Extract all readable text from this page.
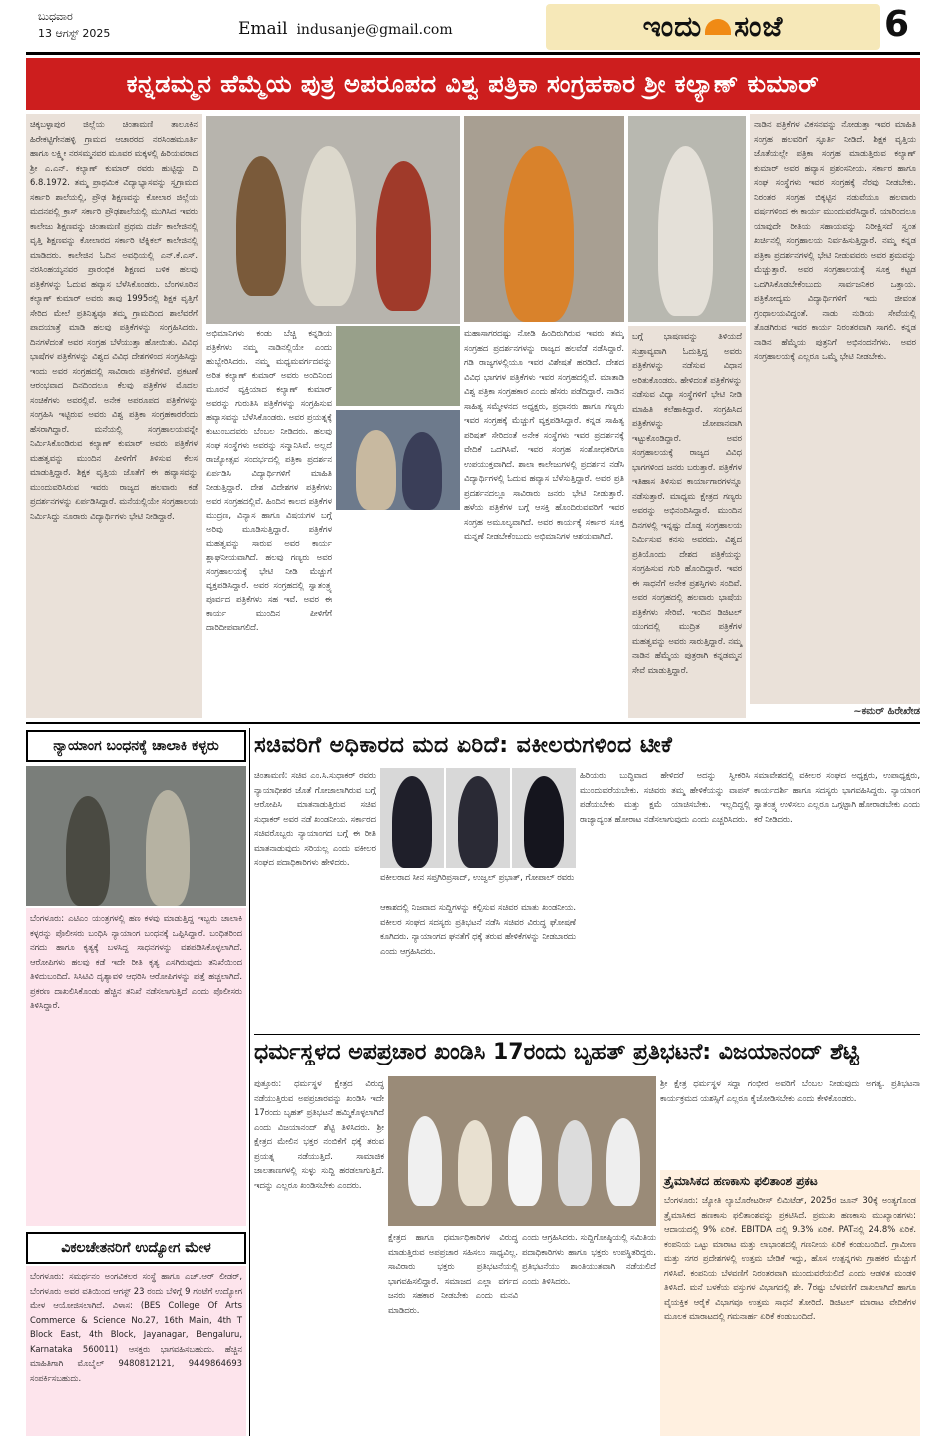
ಬುಧವಾರ
13 ಆಗಸ್ಟ್ 2025	Email indusanje@gmail.com	ಇಂದು ಸಂಜೆ	6
ಕನ್ನಡಮ್ಮನ ಹೆಮ್ಮೆಯ ಪುತ್ರ ಅಪರೂಪದ ವಿಶ್ವ ಪತ್ರಿಕಾ ಸಂಗ್ರಹಕಾರ ಶ್ರೀ ಕಲ್ಯಾಣ್ ಕುಮಾರ್
ಚಿಕ್ಕಬಳ್ಳಾಪುರ ಜಿಲ್ಲೆಯ ಚಿಂತಾಮಣಿ ತಾಲೂಕಿನ ಹಿರೇಕಟ್ಟಿಗೇನಹಳ್ಳಿ ಗ್ರಾಮದ ಆಚಾರರದ ನರಸಿಂಹಮೂರ್ತಿ ಹಾಗೂ ಲಕ್ಷ್ಮೀ ನರಸಮ್ಮನವರ ಮೂವರ ಮಕ್ಕಳಲ್ಲಿ ಹಿರಿಯವರಾದ ಶ್ರೀ ಎ.ಎನ್. ಕಲ್ಯಾಣ್ ಕುಮಾರ್ ರವರು ಹುಟ್ಟಿದ್ದು ದಿ 6.8.1972. ತಮ್ಮ ಪ್ರಾಥಮಿಕ ವಿದ್ಯಾಭ್ಯಾಸವನ್ನು ಸ್ವಗ್ರಾಮದ ಸರ್ಕಾರಿ ಶಾಲೆಯಲ್ಲಿ, ಪ್ರೌಢ ಶಿಕ್ಷಣವನ್ನು ಕೋಲಾರ ಜಿಲ್ಲೆಯ ಮದನಪಲ್ಲಿ ಕ್ರಾಸ್ ಸರ್ಕಾರಿ ಪ್ರೌಢಶಾಲೆಯಲ್ಲಿ ಮುಗಿಸಿದ ಇವರು ಕಾಲೇಜು ಶಿಕ್ಷಣವನ್ನು ಚಿಂತಾಮಣಿ ಪ್ರಥಮ ದರ್ಜೆ ಕಾಲೇಜಿನಲ್ಲಿ ವೃತ್ತಿ ಶಿಕ್ಷಣವನ್ನು ಕೋಲಾರದ ಸರ್ಕಾರಿ ಟೆಕ್ನಿಕಲ್ ಕಾಲೇಜಿನಲ್ಲಿ ಮಾಡಿದರು. ಕಾಲೇಜಿನ ಓದಿನ ಅವಧಿಯಲ್ಲಿ ಎನ್.ಕೆ.ಎಸ್. ನರಸಿಂಹಯ್ಯನವರ ಪ್ರಾರಂಭಿಕ ಶಿಕ್ಷಣದ ಬಳಿಕ ಹಲವು ಪತ್ರಿಕೆಗಳನ್ನು ಓದುವ ಹವ್ಯಾಸ ಬೆಳೆಸಿಕೊಂಡರು. ಬೆಂಗಳೂರಿನ ಕಲ್ಯಾಣ್ ಕುಮಾರ್ ಅವರು ತಾವು 1995ರಲ್ಲಿ ಶಿಕ್ಷಕ ವೃತ್ತಿಗೆ ಸೇರಿದ ಮೇಲೆ ಪ್ರತಿನಿತ್ಯವೂ ತಮ್ಮ ಗ್ರಾಮದಿಂದ ಶಾಲೆವರೆಗೆ ಪಾದಯಾತ್ರೆ ಮಾಡಿ ಹಲವು ಪತ್ರಿಕೆಗಳನ್ನು ಸಂಗ್ರಹಿಸಿದರು. ದಿನಗಳೆದಂತೆ ಅವರ ಸಂಗ್ರಹ ಬೆಳೆಯುತ್ತಾ ಹೋಯಿತು. ವಿವಿಧ ಭಾಷೆಗಳ ಪತ್ರಿಕೆಗಳನ್ನು ವಿಶ್ವದ ವಿವಿಧ ದೇಶಗಳಿಂದ ಸಂಗ್ರಹಿಸಿದ್ದು ಇಂದು ಅವರ ಸಂಗ್ರಹದಲ್ಲಿ ಸಾವಿರಾರು ಪತ್ರಿಕೆಗಳಿವೆ. ಪ್ರಕಟಣೆ ಆರಂಭವಾದ ದಿನದಿಂದಲೂ ಕೆಲವು ಪತ್ರಿಕೆಗಳ ಮೊದಲ ಸಂಚಿಕೆಗಳು ಅವರಲ್ಲಿವೆ. ಅನೇಕ ಅಪರೂಪದ ಪತ್ರಿಕೆಗಳನ್ನು ಸಂಗ್ರಹಿಸಿ ಇಟ್ಟಿರುವ ಅವರು ವಿಶ್ವ ಪತ್ರಿಕಾ ಸಂಗ್ರಹಕಾರರೆಂದು ಹೆಸರಾಗಿದ್ದಾರೆ. ಮನೆಯಲ್ಲಿ ಸಂಗ್ರಹಾಲಯವನ್ನೇ ನಿರ್ಮಿಸಿಕೊಂಡಿರುವ ಕಲ್ಯಾಣ್ ಕುಮಾರ್ ಅವರು ಪತ್ರಿಕೆಗಳ ಮಹತ್ವವನ್ನು ಮುಂದಿನ ಪೀಳಿಗೆಗೆ ತಿಳಿಸುವ ಕೆಲಸ ಮಾಡುತ್ತಿದ್ದಾರೆ. ಶಿಕ್ಷಕ ವೃತ್ತಿಯ ಜೊತೆಗೆ ಈ ಹವ್ಯಾಸವನ್ನು ಮುಂದುವರಿಸಿರುವ ಇವರು ರಾಜ್ಯದ ಹಲವಾರು ಕಡೆ ಪ್ರದರ್ಶನಗಳನ್ನು ಏರ್ಪಡಿಸಿದ್ದಾರೆ. ಮನೆಯಲ್ಲಿಯೇ ಸಂಗ್ರಹಾಲಯ ನಿರ್ಮಿಸಿದ್ದು ನೂರಾರು ವಿದ್ಯಾರ್ಥಿಗಳು ಭೇಟಿ ನೀಡಿದ್ದಾರೆ.
ಅಭಿಮಾನಿಗಳು ಕಂಡು ಬೆಚ್ಚಿ ಕನ್ನಡಿಯ ಪತ್ರಿಕೆಗಳು ನಮ್ಮ ನಾಡಿನಲ್ಲಿಯೇ ಎಂದು ಹುಬ್ಬೇರಿಸಿದರು. ನಮ್ಮ ಮಧ್ಯಮವರ್ಗದವನ್ನು ಅರಿತ ಕಲ್ಯಾಣ್ ಕುಮಾರ್ ಅವರು ಅಂದಿನಿಂದ ಮೂರನೆ ವ್ಯಕ್ತಿಯಾದ ಕಲ್ಯಾಣ್ ಕುಮಾರ್ ಅವರನ್ನು ಗುರುತಿಸಿ ಪತ್ರಿಕೆಗಳನ್ನು ಸಂಗ್ರಹಿಸುವ ಹವ್ಯಾಸವನ್ನು ಬೆಳೆಸಿಕೊಂಡರು. ಅವರ ಪ್ರಯತ್ನಕ್ಕೆ ಕುಟುಂಬದವರು ಬೆಂಬಲ ನೀಡಿದರು. ಹಲವು ಸಂಘ ಸಂಸ್ಥೆಗಳು ಅವರನ್ನು ಸನ್ಮಾನಿಸಿವೆ. ಅಲ್ಲದೆ ರಾಜ್ಯೋತ್ಸವ ಸಂದರ್ಭದಲ್ಲಿ ಪತ್ರಿಕಾ ಪ್ರದರ್ಶನ ಏರ್ಪಡಿಸಿ ವಿದ್ಯಾರ್ಥಿಗಳಿಗೆ ಮಾಹಿತಿ ನೀಡುತ್ತಿದ್ದಾರೆ. ದೇಶ ವಿದೇಶಗಳ ಪತ್ರಿಕೆಗಳು ಅವರ ಸಂಗ್ರಹದಲ್ಲಿವೆ. ಹಿಂದಿನ ಕಾಲದ ಪತ್ರಿಕೆಗಳ ಮುದ್ರಣ, ವಿನ್ಯಾಸ ಹಾಗೂ ವಿಷಯಗಳ ಬಗ್ಗೆ ಅರಿವು ಮೂಡಿಸುತ್ತಿದ್ದಾರೆ. ಪತ್ರಿಕೆಗಳ ಮಹತ್ವವನ್ನು ಸಾರುವ ಅವರ ಕಾರ್ಯ ಶ್ಲಾಘನೀಯವಾಗಿದೆ. ಹಲವು ಗಣ್ಯರು ಅವರ ಸಂಗ್ರಹಾಲಯಕ್ಕೆ ಭೇಟಿ ನೀಡಿ ಮೆಚ್ಚುಗೆ ವ್ಯಕ್ತಪಡಿಸಿದ್ದಾರೆ. ಅವರ ಸಂಗ್ರಹದಲ್ಲಿ ಸ್ವಾತಂತ್ರ್ಯ ಪೂರ್ವದ ಪತ್ರಿಕೆಗಳು ಸಹ ಇವೆ. ಅವರ ಈ ಕಾರ್ಯ ಮುಂದಿನ ಪೀಳಿಗೆಗೆ ದಾರಿದೀಪವಾಗಲಿದೆ.
ಮಹಾಸಾಗರದಷ್ಟು ನೋಡಿ ಹಿಂದಿರುಗಿರುವ ಇವರು ತಮ್ಮ ಸಂಗ್ರಹದ ಪ್ರದರ್ಶನಗಳನ್ನು ರಾಜ್ಯದ ಹಲವೆಡೆ ನಡೆಸಿದ್ದಾರೆ. ಗಡಿ ರಾಜ್ಯಗಳಲ್ಲಿಯೂ ಇವರ ವಿಶೇಷತೆ ಹರಡಿದೆ. ದೇಶದ ವಿವಿಧ ಭಾಗಗಳ ಪತ್ರಿಕೆಗಳು ಇವರ ಸಂಗ್ರಹದಲ್ಲಿವೆ. ಮಾತಾಡಿ ವಿಶ್ವ ಪತ್ರಿಕಾ ಸಂಗ್ರಹಕಾರ ಎಂದು ಹೆಸರು ಪಡೆದಿದ್ದಾರೆ. ನಾಡಿನ ಸಾಹಿತ್ಯ ಸಮ್ಮೇಳನದ ಅಧ್ಯಕ್ಷರು, ಪ್ರಧಾನರು ಹಾಗೂ ಗಣ್ಯರು ಇವರ ಸಂಗ್ರಹಕ್ಕೆ ಮೆಚ್ಚುಗೆ ವ್ಯಕ್ತಪಡಿಸಿದ್ದಾರೆ. ಕನ್ನಡ ಸಾಹಿತ್ಯ ಪರಿಷತ್ ಸೇರಿದಂತೆ ಅನೇಕ ಸಂಸ್ಥೆಗಳು ಇವರ ಪ್ರದರ್ಶನಕ್ಕೆ ವೇದಿಕೆ ಒದಗಿಸಿವೆ. ಇವರ ಸಂಗ್ರಹ ಸಂಶೋಧಕರಿಗೂ ಉಪಯುಕ್ತವಾಗಿದೆ. ಶಾಲಾ ಕಾಲೇಜುಗಳಲ್ಲಿ ಪ್ರದರ್ಶನ ನಡೆಸಿ ವಿದ್ಯಾರ್ಥಿಗಳಲ್ಲಿ ಓದುವ ಹವ್ಯಾಸ ಬೆಳೆಸುತ್ತಿದ್ದಾರೆ. ಅವರ ಪ್ರತಿ ಪ್ರದರ್ಶನದಲ್ಲೂ ಸಾವಿರಾರು ಜನರು ಭೇಟಿ ನೀಡುತ್ತಾರೆ. ಹಳೆಯ ಪತ್ರಿಕೆಗಳ ಬಗ್ಗೆ ಆಸಕ್ತಿ ಹೊಂದಿರುವವರಿಗೆ ಇವರ ಸಂಗ್ರಹ ಅಮೂಲ್ಯವಾಗಿದೆ. ಅವರ ಕಾರ್ಯಕ್ಕೆ ಸರ್ಕಾರ ಸೂಕ್ತ ಮನ್ನಣೆ ನೀಡಬೇಕೆಂಬುದು ಅಭಿಮಾನಿಗಳ ಆಶಯವಾಗಿದೆ.
ಬಗ್ಗೆ ಭಾಷಣವನ್ನು ತಿಳಿಯದೆ ಸುಶ್ರಾವ್ಯವಾಗಿ ಓದುತ್ತಿದ್ದ ಅವರು ಪತ್ರಿಕೆಗಳನ್ನು ನಡೆಸುವ ವಿಧಾನ ಅರಿತುಕೊಂಡರು. ಹೇಳಿದಂತೆ ಪತ್ರಿಕೆಗಳನ್ನು ನಡೆಸುವ ವಿಧ್ಯಾ ಸಂಸ್ಥೆಗಳಿಗೆ ಭೇಟಿ ನೀಡಿ ಮಾಹಿತಿ ಕಲೆಹಾಕಿದ್ದಾರೆ. ಸಂಗ್ರಹಿಸಿದ ಪತ್ರಿಕೆಗಳನ್ನು ಜೋಪಾನವಾಗಿ ಇಟ್ಟುಕೊಂಡಿದ್ದಾರೆ. ಅವರ ಸಂಗ್ರಹಾಲಯಕ್ಕೆ ರಾಜ್ಯದ ವಿವಿಧ ಭಾಗಗಳಿಂದ ಜನರು ಬರುತ್ತಾರೆ. ಪತ್ರಿಕೆಗಳ ಇತಿಹಾಸ ತಿಳಿಸುವ ಕಾರ್ಯಾಗಾರಗಳನ್ನೂ ನಡೆಸುತ್ತಾರೆ. ಮಾಧ್ಯಮ ಕ್ಷೇತ್ರದ ಗಣ್ಯರು ಅವರನ್ನು ಅಭಿನಂದಿಸಿದ್ದಾರೆ. ಮುಂದಿನ ದಿನಗಳಲ್ಲಿ ಇನ್ನಷ್ಟು ದೊಡ್ಡ ಸಂಗ್ರಹಾಲಯ ನಿರ್ಮಿಸುವ ಕನಸು ಅವರದು. ವಿಶ್ವದ ಪ್ರತಿಯೊಂದು ದೇಶದ ಪತ್ರಿಕೆಯನ್ನು ಸಂಗ್ರಹಿಸುವ ಗುರಿ ಹೊಂದಿದ್ದಾರೆ. ಇವರ ಈ ಸಾಧನೆಗೆ ಅನೇಕ ಪ್ರಶಸ್ತಿಗಳು ಸಂದಿವೆ. ಅವರ ಸಂಗ್ರಹದಲ್ಲಿ ಹಲವಾರು ಭಾಷೆಯ ಪತ್ರಿಕೆಗಳು ಸೇರಿವೆ. ಇಂದಿನ ಡಿಜಿಟಲ್ ಯುಗದಲ್ಲಿ ಮುದ್ರಿತ ಪತ್ರಿಕೆಗಳ ಮಹತ್ವವನ್ನು ಅವರು ಸಾರುತ್ತಿದ್ದಾರೆ. ನಮ್ಮ ನಾಡಿನ ಹೆಮ್ಮೆಯ ಪುತ್ರರಾಗಿ ಕನ್ನಡಮ್ಮನ ಸೇವೆ ಮಾಡುತ್ತಿದ್ದಾರೆ.
ನಾಡಿನ ಪತ್ರಿಕೆಗಳ ವಿಕಸನವನ್ನು ನೋಡುತ್ತಾ ಇವರ ಮಾಹಿತಿ ಸಂಗ್ರಹ ಹಲವರಿಗೆ ಸ್ಫೂರ್ತಿ ನೀಡಿದೆ. ಶಿಕ್ಷಕ ವೃತ್ತಿಯ ಜೊತೆಯಲ್ಲೇ ಪತ್ರಿಕಾ ಸಂಗ್ರಹ ಮಾಡುತ್ತಿರುವ ಕಲ್ಯಾಣ್ ಕುಮಾರ್ ಅವರ ಹವ್ಯಾಸ ಪ್ರಶಂಸನೀಯ. ಸರ್ಕಾರ ಹಾಗೂ ಸಂಘ ಸಂಸ್ಥೆಗಳು ಇವರ ಸಂಗ್ರಹಕ್ಕೆ ನೆರವು ನೀಡಬೇಕು. ನಿರಂತರ ಸಂಗ್ರಹ ಬಿಕ್ಕಟ್ಟಿನ ನಡುವೆಯೂ ಹಲವಾರು ವರ್ಷಗಳಿಂದ ಈ ಕಾರ್ಯ ಮುಂದುವರೆಸಿದ್ದಾರೆ. ಯಾರಿಂದಲೂ ಯಾವುದೇ ರೀತಿಯ ಸಹಾಯವನ್ನು ನಿರೀಕ್ಷಿಸದೆ ಸ್ವಂತ ಖರ್ಚಿನಲ್ಲಿ ಸಂಗ್ರಹಾಲಯ ನಿರ್ವಹಿಸುತ್ತಿದ್ದಾರೆ. ನಮ್ಮ ಕನ್ನಡ ಪತ್ರಿಕಾ ಪ್ರದರ್ಶನಗಳಲ್ಲಿ ಭೇಟಿ ನೀಡುವವರು ಅವರ ಶ್ರಮವನ್ನು ಮೆಚ್ಚುತ್ತಾರೆ. ಅವರ ಸಂಗ್ರಹಾಲಯಕ್ಕೆ ಸೂಕ್ತ ಕಟ್ಟಡ ಒದಗಿಸಿಕೊಡಬೇಕೆಂಬುದು ಸಾರ್ವಜನಿಕರ ಒತ್ತಾಯ. ಪತ್ರಿಕೋದ್ಯಮ ವಿದ್ಯಾರ್ಥಿಗಳಿಗೆ ಇದು ಜೀವಂತ ಗ್ರಂಥಾಲಯವಿದ್ದಂತೆ. ನಾಡು ನುಡಿಯ ಸೇವೆಯಲ್ಲಿ ತೊಡಗಿರುವ ಇವರ ಕಾರ್ಯ ನಿರಂತರವಾಗಿ ಸಾಗಲಿ. ಕನ್ನಡ ನಾಡಿನ ಹೆಮ್ಮೆಯ ಪುತ್ರನಿಗೆ ಅಭಿನಂದನೆಗಳು. ಅವರ ಸಂಗ್ರಹಾಲಯಕ್ಕೆ ಎಲ್ಲರೂ ಒಮ್ಮೆ ಭೇಟಿ ನೀಡಬೇಕು.
~ಕಮರ್ ಹಿರೇಖೇಡ
ನ್ಯಾಯಾಂಗ ಬಂಧನಕ್ಕೆ ಚಾಲಾಕಿ ಕಳ್ಳರು
ಬೆಂಗಳೂರು: ಎಟಿಎಂ ಯಂತ್ರಗಳಲ್ಲಿ ಹಣ ಕಳವು ಮಾಡುತ್ತಿದ್ದ ಇಬ್ಬರು ಚಾಲಾಕಿ ಕಳ್ಳರನ್ನು ಪೊಲೀಸರು ಬಂಧಿಸಿ ನ್ಯಾಯಾಂಗ ಬಂಧನಕ್ಕೆ ಒಪ್ಪಿಸಿದ್ದಾರೆ. ಬಂಧಿತರಿಂದ ನಗದು ಹಾಗೂ ಕೃತ್ಯಕ್ಕೆ ಬಳಸಿದ್ದ ಸಾಧನಗಳನ್ನು ವಶಪಡಿಸಿಕೊಳ್ಳಲಾಗಿದೆ. ಆರೋಪಿಗಳು ಹಲವು ಕಡೆ ಇದೇ ರೀತಿ ಕೃತ್ಯ ಎಸಗಿರುವುದು ತನಿಖೆಯಿಂದ ತಿಳಿದುಬಂದಿದೆ. ಸಿಸಿಟಿವಿ ದೃಶ್ಯಾವಳಿ ಆಧರಿಸಿ ಆರೋಪಿಗಳನ್ನು ಪತ್ತೆ ಹಚ್ಚಲಾಗಿದೆ. ಪ್ರಕರಣ ದಾಖಲಿಸಿಕೊಂಡು ಹೆಚ್ಚಿನ ತನಿಖೆ ನಡೆಸಲಾಗುತ್ತಿದೆ ಎಂದು ಪೊಲೀಸರು ತಿಳಿಸಿದ್ದಾರೆ.
ವಿಕಲಚೇತನರಿಗೆ ಉದ್ಯೋಗ ಮೇಳ
ಬೆಂಗಳೂರು: ಸಮರ್ಥನಂ ಅಂಗವಿಕಲರ ಸಂಸ್ಥೆ ಹಾಗೂ ಎಚ್.ಆರ್ ಲೀಡರ್, ಬೆಂಗಳೂರು ಅವರ ವತಿಯಿಂದ ಆಗಸ್ಟ್ 23 ರಂದು ಬೆಳಿಗ್ಗೆ 9 ಗಂಟೆಗೆ ಉದ್ಯೋಗ ಮೇಳ ಆಯೋಜಿಸಲಾಗಿದೆ. ವಿಳಾಸ: (BES College Of Arts Commerce & Science No.27, 16th Main, 4th T Block East, 4th Block, Jayanagar, Bengaluru, Karnataka 560011) ಆಸಕ್ತರು ಭಾಗವಹಿಸಬಹುದು. ಹೆಚ್ಚಿನ ಮಾಹಿತಿಗಾಗಿ ಮೊಬೈಲ್ 9480812121, 9449864693 ಸಂಪರ್ಕಿಸಬಹುದು.
ಸಚಿವರಿಗೆ ಅಧಿಕಾರದ ಮದ ಏರಿದೆ: ವಕೀಲರುಗಳಿಂದ ಟೀಕೆ
ಚಿಂತಾಮಣಿ: ಸಚಿವ ಎಂ.ಸಿ.ಸುಧಾಕರ್ ರವರು ನ್ಯಾಯಾಧೀಶರ ಜೊತೆ ಗೋಜಾಲಾಗಿರುವ ಬಗ್ಗೆ ಆರೋಪಿಸಿ ಮಾತನಾಡುತ್ತಿರುವ ಸಚಿವ ಸುಧಾಕರ್ ಅವರ ನಡೆ ಖಂಡನೀಯ. ಸರ್ಕಾರದ ಸಚಿವರೊಬ್ಬರು ನ್ಯಾಯಾಂಗದ ಬಗ್ಗೆ ಈ ರೀತಿ ಮಾತನಾಡುವುದು ಸರಿಯಲ್ಲ ಎಂದು ವಕೀಲರ ಸಂಘದ ಪದಾಧಿಕಾರಿಗಳು ಹೇಳಿದರು.
ವಕೀಲರಾದ ಸೀನ ಸಪ್ತಗಿರಿಪ್ರಸಾದ್, ಉಜ್ವಲ್ ಪ್ರಭಾತ್, ಗೋಪಾಲ್ ರವರು
ಆಕಾಶದಲ್ಲಿ ನಿಜವಾದ ಸುದ್ದಿಗಳನ್ನು ಕಲ್ಪಿಸುವ ಸಚಿವರ ಮಾತು ಖಂಡನೀಯ. ವಕೀಲರ ಸಂಘದ ಸದಸ್ಯರು ಪ್ರತಿಭಟನೆ ನಡೆಸಿ ಸಚಿವರ ವಿರುದ್ಧ ಘೋಷಣೆ ಕೂಗಿದರು. ನ್ಯಾಯಾಂಗದ ಘನತೆಗೆ ಧಕ್ಕೆ ತರುವ ಹೇಳಿಕೆಗಳನ್ನು ನೀಡಬಾರದು ಎಂದು ಆಗ್ರಹಿಸಿದರು.
ಹಿರಿಯರು ಬುದ್ಧಿವಾದ ಹೇಳಿದರೆ ಅದನ್ನು ಸ್ವೀಕರಿಸಿ ಮುಂದುವರೆಯಬೇಕು. ಸಚಿವರು ತಮ್ಮ ಹೇಳಿಕೆಯನ್ನು ವಾಪಸ್ ಪಡೆಯಬೇಕು ಮತ್ತು ಕ್ಷಮೆ ಯಾಚಿಸಬೇಕು. ಇಲ್ಲದಿದ್ದಲ್ಲಿ ರಾಜ್ಯಾದ್ಯಂತ ಹೋರಾಟ ನಡೆಸಲಾಗುವುದು ಎಂದು ಎಚ್ಚರಿಸಿದರು.
ಸಮಾವೇಶದಲ್ಲಿ ವಕೀಲರ ಸಂಘದ ಅಧ್ಯಕ್ಷರು, ಉಪಾಧ್ಯಕ್ಷರು, ಕಾರ್ಯದರ್ಶಿ ಹಾಗೂ ಸದಸ್ಯರು ಭಾಗವಹಿಸಿದ್ದರು. ನ್ಯಾಯಾಂಗ ಸ್ವಾತಂತ್ರ್ಯ ಉಳಿಸಲು ಎಲ್ಲರೂ ಒಗ್ಗಟ್ಟಾಗಿ ಹೋರಾಡಬೇಕು ಎಂದು ಕರೆ ನೀಡಿದರು.
ಧರ್ಮಸ್ಥಳದ ಅಪಪ್ರಚಾರ ಖಂಡಿಸಿ 17ರಂದು ಬೃಹತ್ ಪ್ರತಿಭಟನೆ: ವಿಜಯಾನಂದ್ ಶೆಟ್ಟಿ
ಪುತ್ತೂರು: ಧರ್ಮಸ್ಥಳ ಕ್ಷೇತ್ರದ ವಿರುದ್ಧ ನಡೆಯುತ್ತಿರುವ ಅಪಪ್ರಚಾರವನ್ನು ಖಂಡಿಸಿ ಇದೇ 17ರಂದು ಬೃಹತ್ ಪ್ರತಿಭಟನೆ ಹಮ್ಮಿಕೊಳ್ಳಲಾಗಿದೆ ಎಂದು ವಿಜಯಾನಂದ್ ಶೆಟ್ಟಿ ತಿಳಿಸಿದರು. ಶ್ರೀ ಕ್ಷೇತ್ರದ ಮೇಲಿನ ಭಕ್ತರ ನಂಬಿಕೆಗೆ ಧಕ್ಕೆ ತರುವ ಪ್ರಯತ್ನ ನಡೆಯುತ್ತಿದೆ. ಸಾಮಾಜಿಕ ಜಾಲತಾಣಗಳಲ್ಲಿ ಸುಳ್ಳು ಸುದ್ದಿ ಹರಡಲಾಗುತ್ತಿದೆ. ಇದನ್ನು ಎಲ್ಲರೂ ಖಂಡಿಸಬೇಕು ಎಂದರು.
ಕ್ಷೇತ್ರದ ಹಾಗೂ ಧರ್ಮಾಧಿಕಾರಿಗಳ ವಿರುದ್ಧ ಮಾಡುತ್ತಿರುವ ಅಪಪ್ರಚಾರ ಸಹಿಸಲು ಸಾಧ್ಯವಿಲ್ಲ. ಸಾವಿರಾರು ಭಕ್ತರು ಪ್ರತಿಭಟನೆಯಲ್ಲಿ ಭಾಗವಹಿಸಲಿದ್ದಾರೆ. ಸಮಾಜದ ಎಲ್ಲಾ ವರ್ಗದ ಜನರು ಸಹಕಾರ ನೀಡಬೇಕು ಎಂದು ಮನವಿ ಮಾಡಿದರು.
ಎಂದು ಆಗ್ರಹಿಸಿದರು. ಸುದ್ದಿಗೋಷ್ಠಿಯಲ್ಲಿ ಸಮಿತಿಯ ಪದಾಧಿಕಾರಿಗಳು ಹಾಗೂ ಭಕ್ತರು ಉಪಸ್ಥಿತರಿದ್ದರು. ಪ್ರತಿಭಟನೆಯು ಶಾಂತಿಯುತವಾಗಿ ನಡೆಯಲಿದೆ ಎಂದು ತಿಳಿಸಿದರು.
ಶ್ರೀ ಕ್ಷೇತ್ರ ಧರ್ಮಸ್ಥಳ ಸದ್ದಾ ಗಂಭೀರ ಅವರಿಗೆ ಬೆಂಬಲ ನೀಡುವುದು ಅಗತ್ಯ. ಪ್ರತಿಭಟನಾ ಕಾರ್ಯಕ್ರಮದ ಯಶಸ್ಸಿಗೆ ಎಲ್ಲರೂ ಕೈಜೋಡಿಸಬೇಕು ಎಂದು ಕೇಳಿಕೊಂಡರು.
ತ್ರೈಮಾಸಿಕದ ಹಣಕಾಸು ಫಲಿತಾಂಶ ಪ್ರಕಟ
ಬೆಂಗಳೂರು: ಜ್ಯೋತಿ ಲ್ಯಾಬೊರೇಟರೀಸ್ ಲಿಮಿಟೆಡ್, 2025ರ ಜೂನ್ 30ಕ್ಕೆ ಅಂತ್ಯಗೊಂಡ ತ್ರೈಮಾಸಿಕದ ಹಣಕಾಸು ಫಲಿತಾಂಶವನ್ನು ಪ್ರಕಟಿಸಿದೆ. ಪ್ರಮುಖ ಹಣಕಾಸು ಮುಖ್ಯಾಂಶಗಳು: ಆದಾಯದಲ್ಲಿ 9% ಏರಿಕೆ. EBITDA ದಲ್ಲಿ 9.3% ಏರಿಕೆ. PATನಲ್ಲಿ 24.8% ಏರಿಕೆ. ಕಂಪನಿಯ ಒಟ್ಟು ಮಾರಾಟ ಮತ್ತು ಲಾಭಾಂಶದಲ್ಲಿ ಗಣನೀಯ ಏರಿಕೆ ಕಂಡುಬಂದಿದೆ. ಗ್ರಾಮೀಣ ಮತ್ತು ನಗರ ಪ್ರದೇಶಗಳಲ್ಲಿ ಉತ್ತಮ ಬೇಡಿಕೆ ಇದ್ದು, ಹೊಸ ಉತ್ಪನ್ನಗಳು ಗ್ರಾಹಕರ ಮೆಚ್ಚುಗೆ ಗಳಿಸಿವೆ. ಕಂಪನಿಯ ಬೆಳವಣಿಗೆ ನಿರಂತರವಾಗಿ ಮುಂದುವರೆಯಲಿದೆ ಎಂದು ಆಡಳಿತ ಮಂಡಳಿ ತಿಳಿಸಿದೆ. ಮನೆ ಬಳಕೆಯ ವಸ್ತುಗಳ ವಿಭಾಗದಲ್ಲಿ ಶೇ. 7ರಷ್ಟು ಬೆಳವಣಿಗೆ ದಾಖಲಾಗಿದೆ ಹಾಗೂ ವೈಯಕ್ತಿಕ ಆರೈಕೆ ವಿಭಾಗವೂ ಉತ್ತಮ ಸಾಧನೆ ತೋರಿದೆ. ಡಿಜಿಟಲ್ ಮಾರಾಟ ವೇದಿಕೆಗಳ ಮೂಲಕ ಮಾರಾಟದಲ್ಲಿ ಗಮನಾರ್ಹ ಏರಿಕೆ ಕಂಡುಬಂದಿದೆ.
